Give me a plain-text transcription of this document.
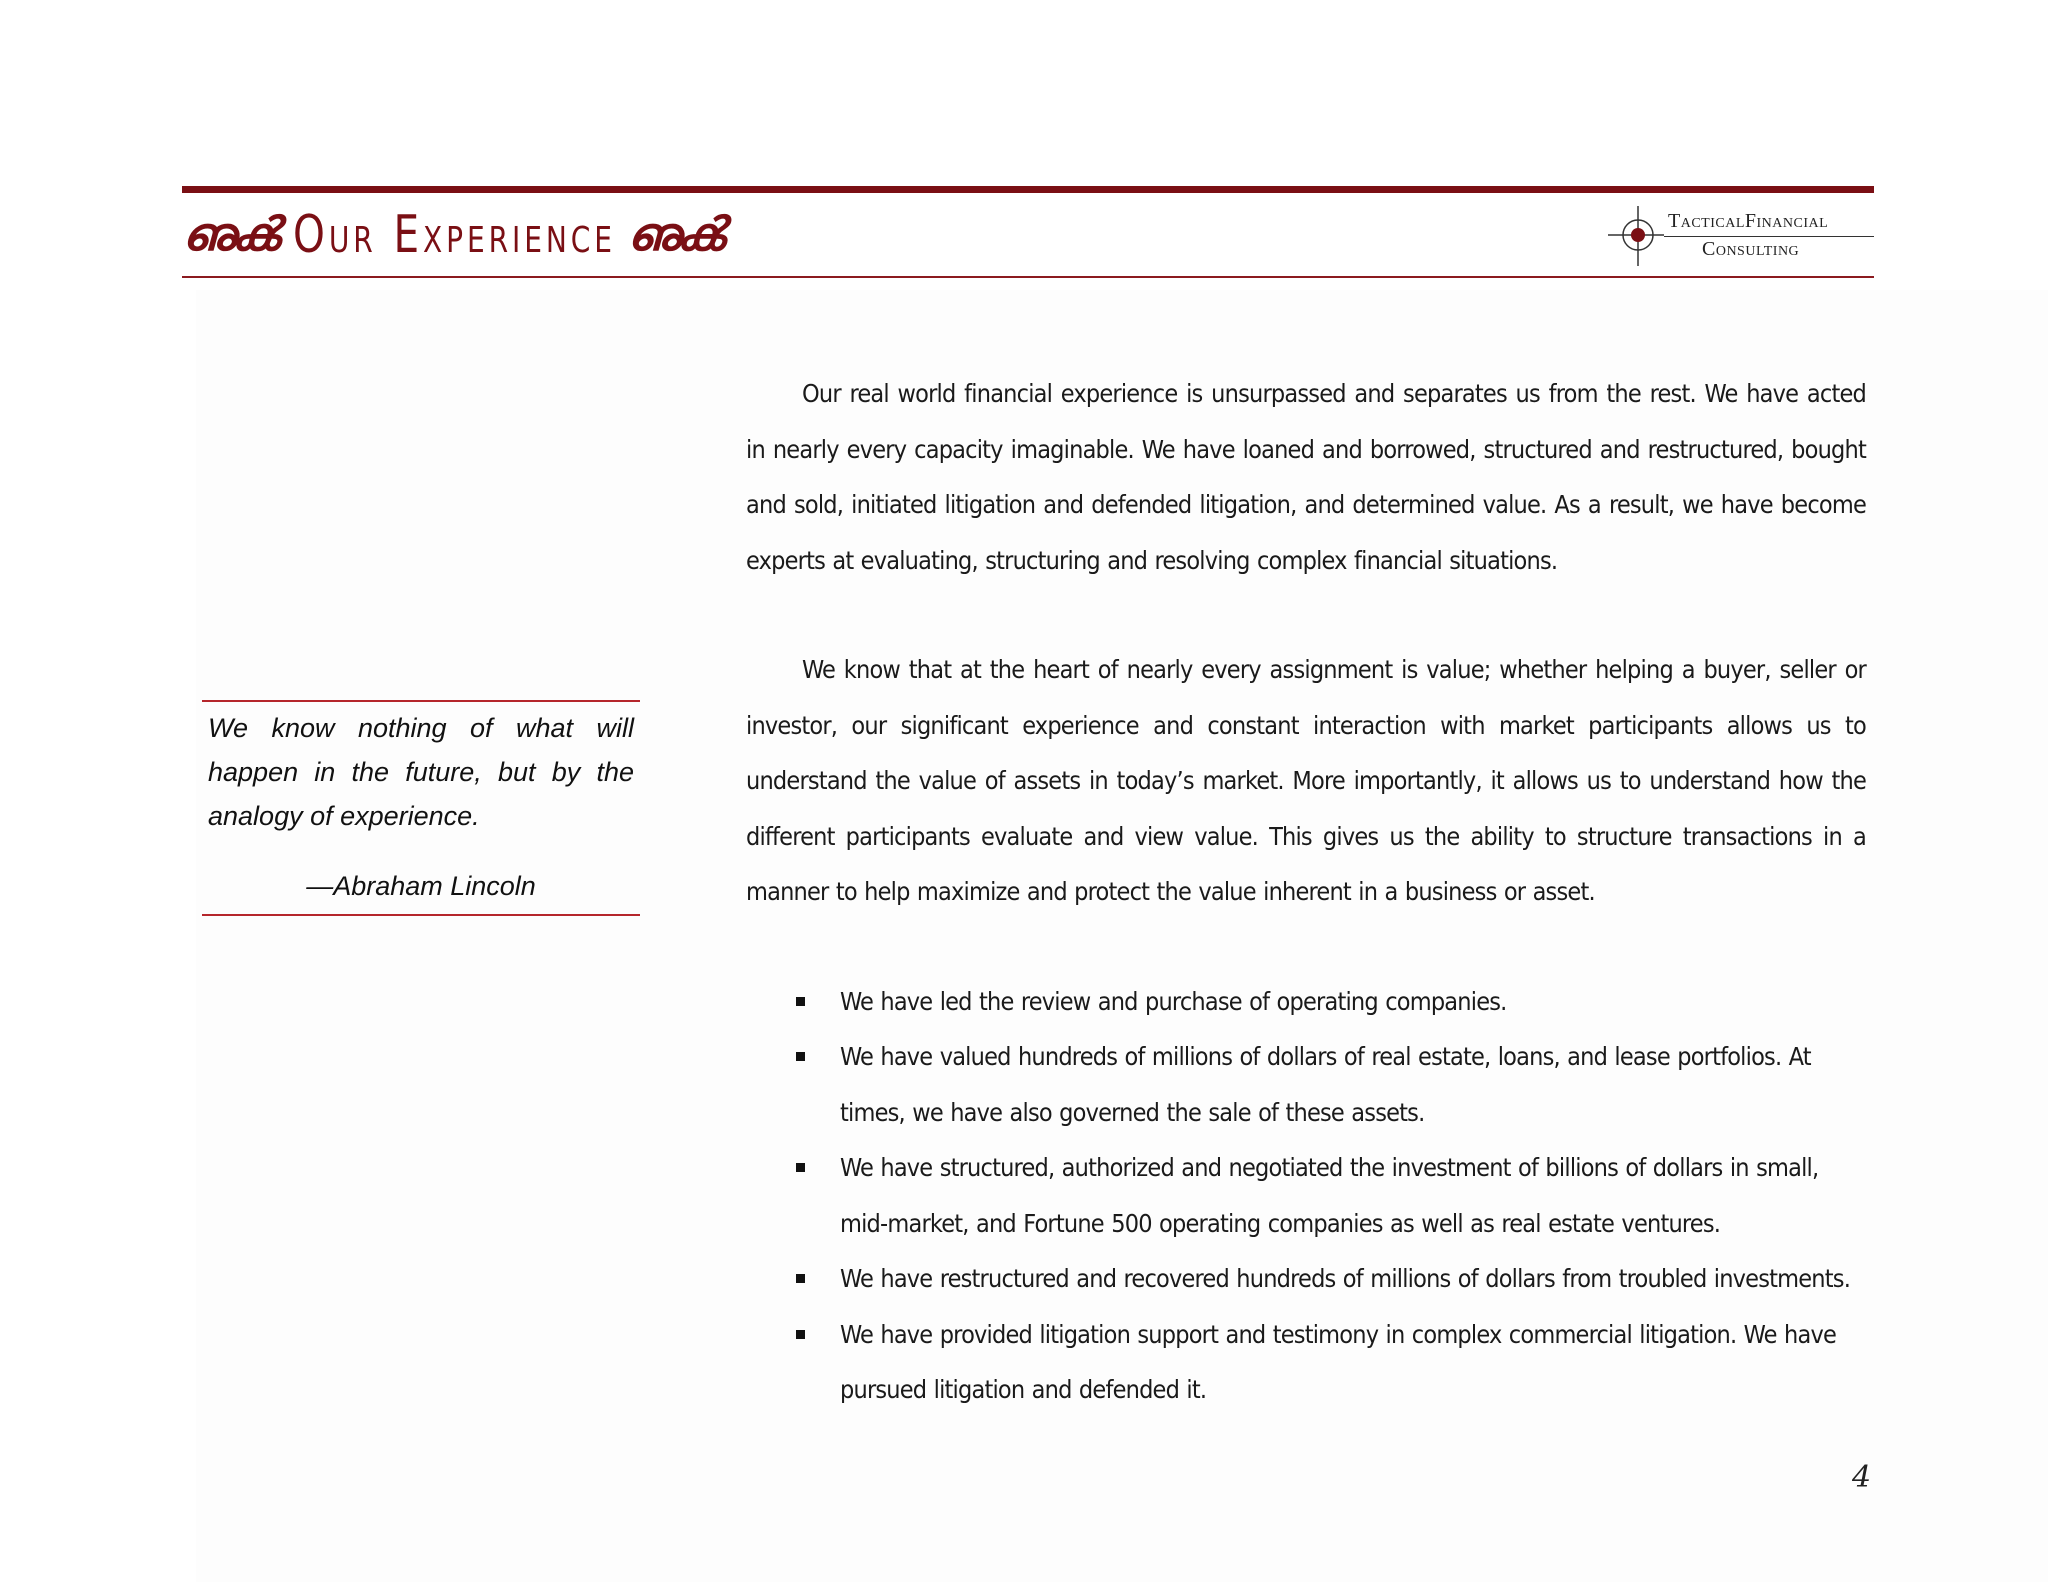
ഌൿ Our Experience ഌൿ	TacticalFinancial
Consulting
We know nothing of what will happen in the future, but by the analogy of experience.
—Abraham Lincoln

Our real world financial experience is unsurpassed and separates us from the rest. We have acted in nearly every capacity imaginable. We have loaned and borrowed, structured and restructured, bought and sold, initiated litigation and defended litigation, and determined value. As a result, we have become experts at evaluating, structuring and resolving complex financial situations.

We know that at the heart of nearly every assignment is value; whether helping a buyer, seller or investor, our significant experience and constant interaction with market participants allows us to understand the value of assets in today’s market. More importantly, it allows us to understand how the different participants evaluate and view value. This gives us the ability to structure transactions in a manner to help maximize and protect the value inherent in a business or asset.

We have led the review and purchase of operating companies.
We have valued hundreds of millions of dollars of real estate, loans, and lease portfolios. At times, we have also governed the sale of these assets.
We have structured, authorized and negotiated the investment of billions of dollars in small, mid-market, and Fortune 500 operating companies as well as real estate ventures.
We have restructured and recovered hundreds of millions of dollars from troubled investments.
We have provided litigation support and testimony in complex commercial litigation. We have pursued litigation and defended it.
4
